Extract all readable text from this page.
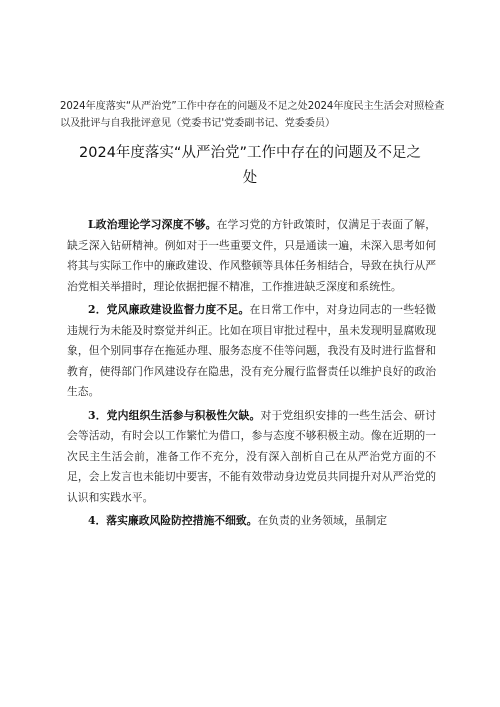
2024年度落实“从严治党”工作中存在的问题及不足之处2024年度民主生活会对照检查以及批评与自我批评意见（党委书记'党委副书记、党委委员）
2024年度落实“从严治党”工作中存在的问题及不足之
处

L政治理论学习深度不够。在学习党的方针政策时，仅满足于表面了解，缺乏深入钻研精神。例如对于一些重要文件，只是通读一遍，未深入思考如何将其与实际工作中的廉政建设、作风整顿等具体任务相结合，导致在执行从严治党相关举措时，理论依据把握不精准，工作推进缺乏深度和系统性。

2．党风廉政建设监督力度不足。在日常工作中，对身边同志的一些轻微违规行为未能及时察觉并纠正。比如在项目审批过程中，虽未发现明显腐败现象，但个别同事存在拖延办理、服务态度不佳等问题，我没有及时进行监督和教育，使得部门作风建设存在隐患，没有充分履行监督责任以维护良好的政治生态。

3．党内组织生活参与积极性欠缺。对于党组织安排的一些生活会、研讨会等活动，有时会以工作繁忙为借口，参与态度不够积极主动。像在近期的一次民主生活会前，准备工作不充分，没有深入剖析自己在从严治党方面的不足，会上发言也未能切中要害，不能有效带动身边党员共同提升对从严治党的认识和实践水平。

4．落实廉政风险防控措施不细致。在负责的业务领域，虽制定
